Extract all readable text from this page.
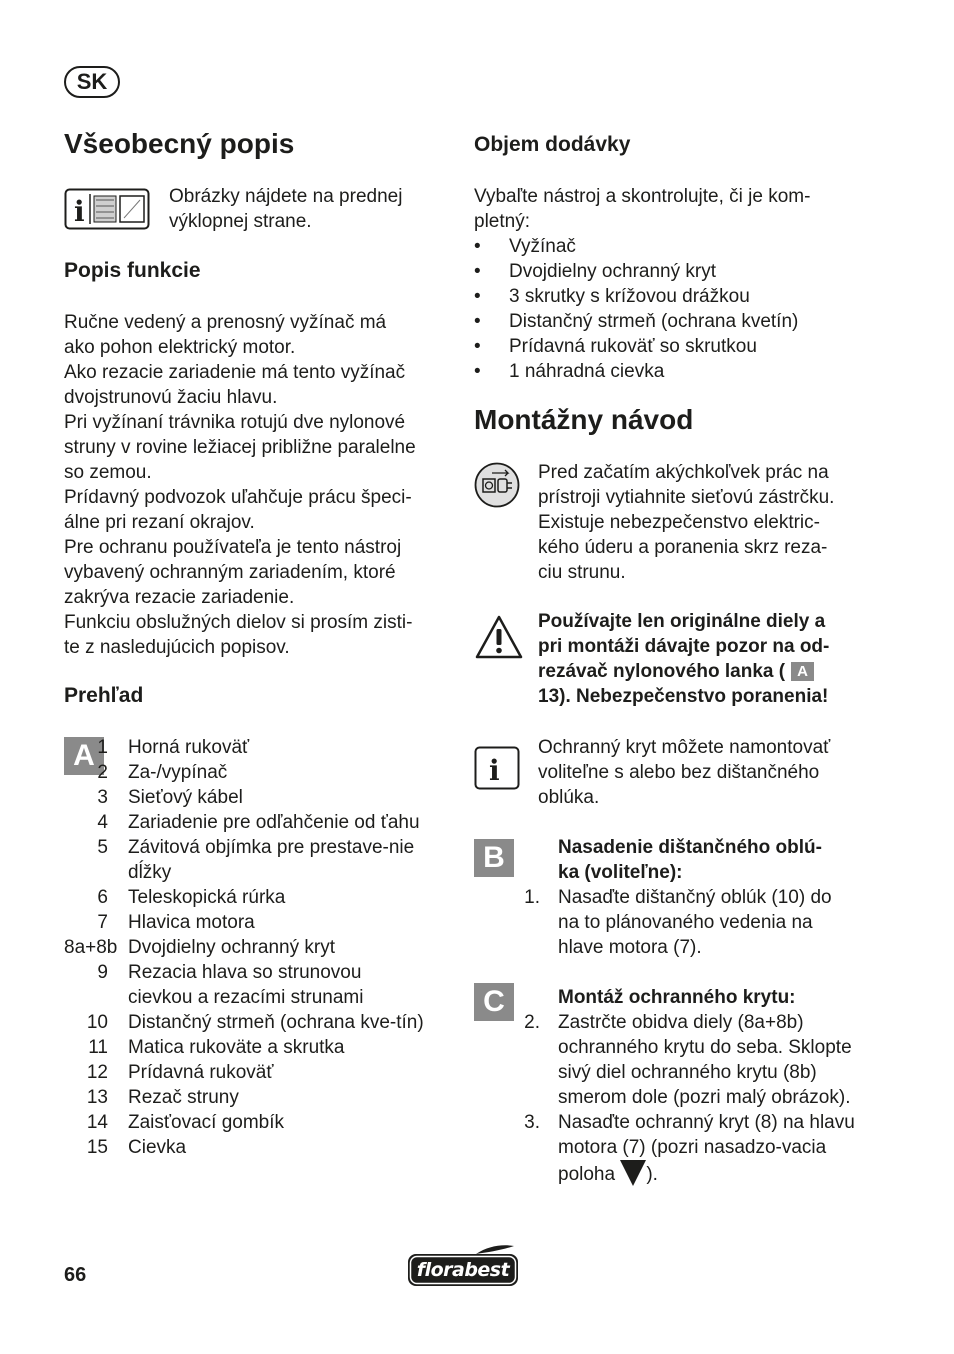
SK
Všeobecný popis
i	Obrázky nájdete na prednej výklopnej strane.
Popis funkcie
Ručne vedený a prenosný vyžínač má
ako pohon elektrický motor.
Ako rezacie zariadenie má tento vyžínač
dvojstrunovú žaciu hlavu.
Pri vyžínaní trávnika rotujú dve nylonové
struny v rovine ležiacej približne paralelne
so zemou.
Prídavný podvozok uľahčuje prácu špeci-
álne pri rezaní okrajov.
Pre ochranu používateľa je tento nástroj
vybavený ochranným zariadením, ktoré
zakrýva rezacie zariadenie.
Funkciu obslužných dielov si prosím zisti-
te z nasledujúcich popisov.
Prehľad
A 1	Horná rukoväť
2	Za-/vypínač
3	Sieťový kábel
4	Zariadenie pre odľahčenie od ťahu
5	Závitová objímka pre prestave-nie dĺžky
6	Teleskopická rúrka
7	Hlavica motora
8a+8b Dvojdielny ochranný kryt
9	Rezacia hlava so strunovou cievkou a rezacími strunami
10	Distančný strmeň (ochrana kve-tín)
11	Matica rukoväte a skrutka
12	Prídavná rukoväť
13	Rezač struny
14	Zaisťovací gombík
15	Cievka
Objem dodávky
Vybaľte nástroj a skontrolujte, či je kom-
pletný:
•	Vyžínač
•	Dvojdielny ochranný kryt
•	3 skrutky s krížovou drážkou
•	Distančný strmeň (ochrana kvetín)
•	Prídavná rukoväť so skrutkou
•	1 náhradná cievka
Montážny návod
Pred začatím akýchkoľvek prác na
prístroji vytiahnite sieťovú zástrčku.
Existuje nebezpečenstvo elektric-
kého úderu a poranenia skrz reza-
ciu strunu.
Používajte len originálne diely a
pri montáži dávajte pozor na od-
rezávač nylonového lanka ( A
13). Nebezpečenstvo poranenia!
i
Ochranný kryt môžete namontovať
voliteľne s alebo bez dištančného
oblúka.
B	Nasadenie dištančného oblú-
ka (voliteľne):
1. Nasaďte dištančný oblúk (10) do na to plánovaného vedenia na hlave motora (7).
C	Montáž ochranného krytu:
2. Zastrčte obidva diely (8a+8b) ochranného krytu do seba. Sklopte sivý diel ochranného krytu (8b) smerom dole (pozri malý obrázok).
3. Nasaďte ochranný kryt (8) na hlavu motora (7) (pozri nasadzo-vacia poloha ).
66	florabest
